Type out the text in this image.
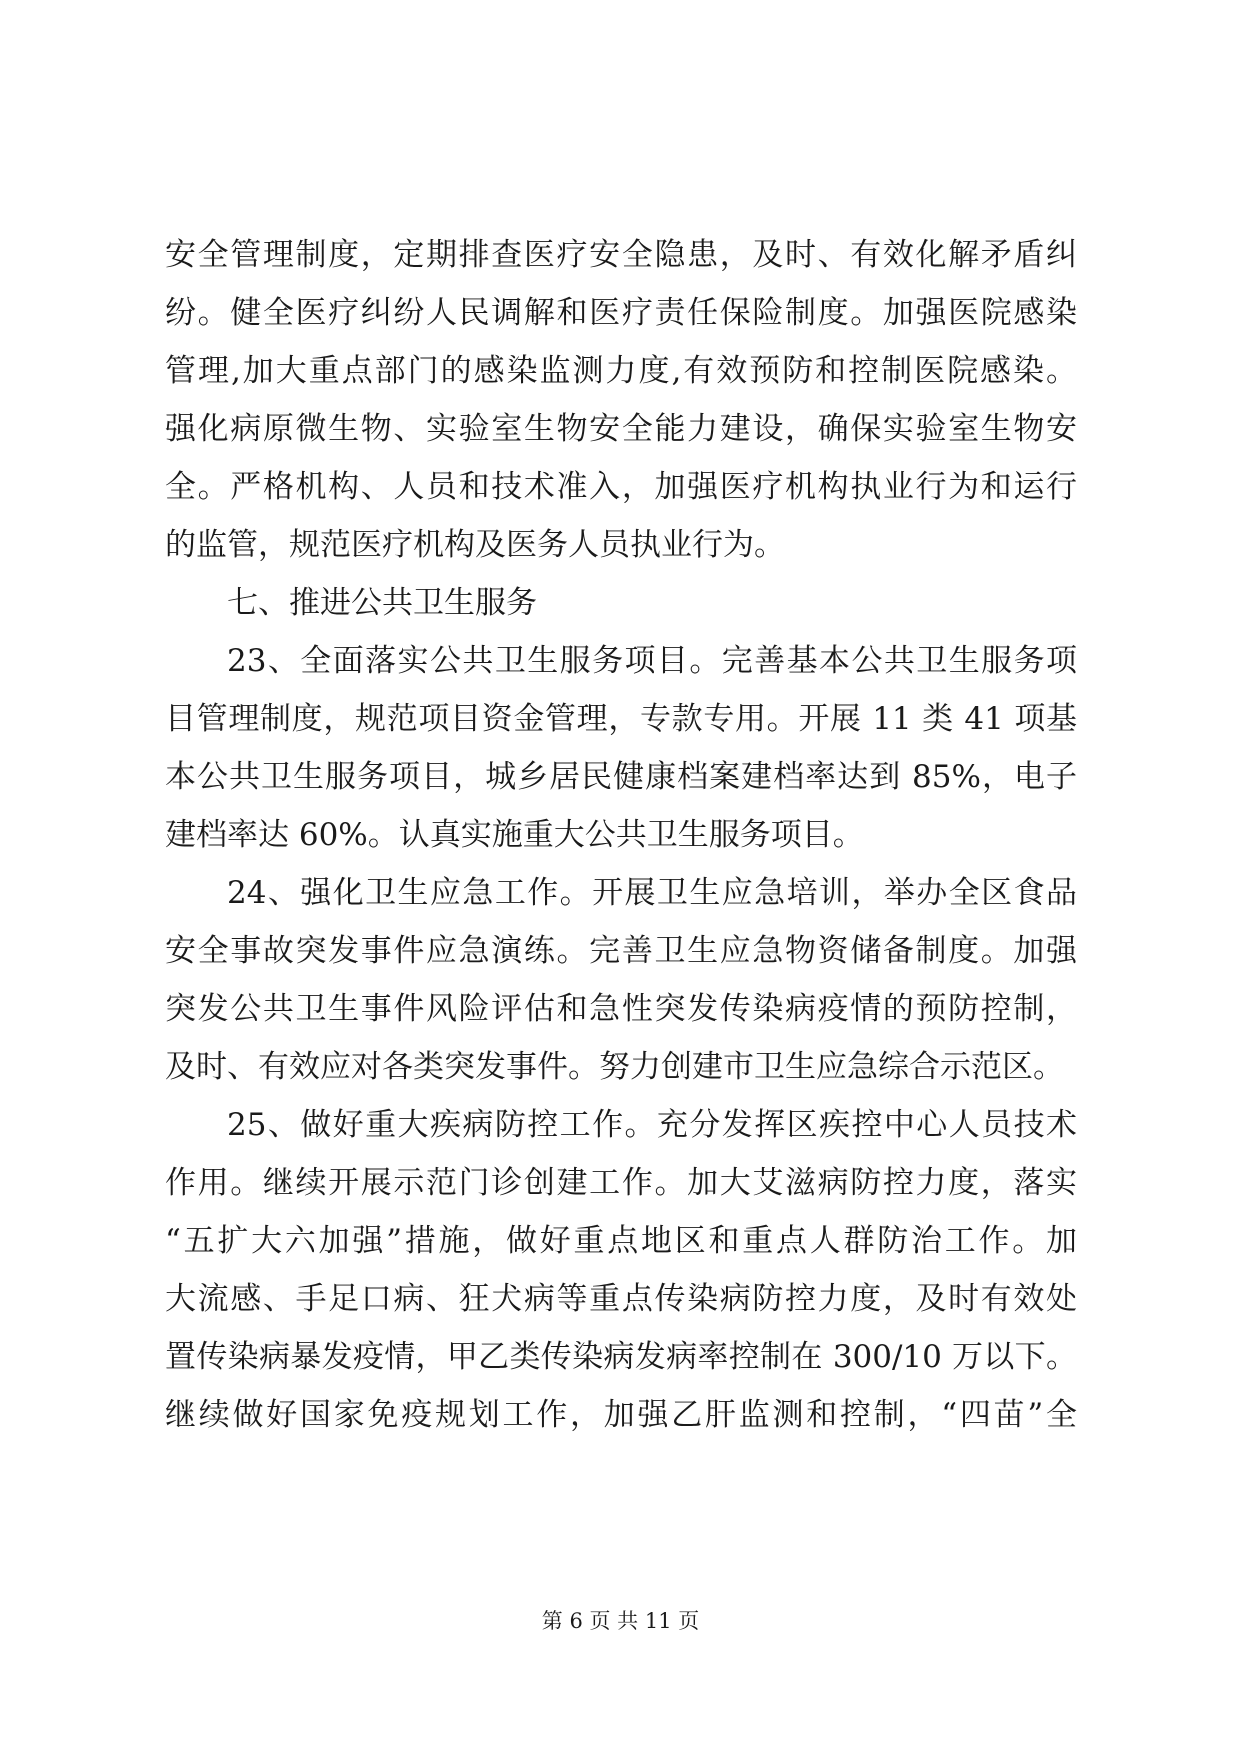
安全管理制度，定期排查医疗安全隐患，及时、有效化解矛盾纠
纷。健全医疗纠纷人民调解和医疗责任保险制度。加强医院感染
管理,加大重点部门的感染监测力度,有效预防和控制医院感染。
强化病原微生物、实验室生物安全能力建设，确保实验室生物安
全。严格机构、人员和技术准入，加强医疗机构执业行为和运行
的监管，规范医疗机构及医务人员执业行为。
七、推进公共卫生服务
23、全面落实公共卫生服务项目。完善基本公共卫生服务项
目管理制度，规范项目资金管理，专款专用。开展 11 类 41 项基
本公共卫生服务项目，城乡居民健康档案建档率达到 85%，电子
建档率达 60%。认真实施重大公共卫生服务项目。
24、强化卫生应急工作。开展卫生应急培训，举办全区食品
安全事故突发事件应急演练。完善卫生应急物资储备制度。加强
突发公共卫生事件风险评估和急性突发传染病疫情的预防控制，
及时、有效应对各类突发事件。努力创建市卫生应急综合示范区。
25、做好重大疾病防控工作。充分发挥区疾控中心人员技术
作用。继续开展示范门诊创建工作。加大艾滋病防控力度，落实
“五扩大六加强”措施，做好重点地区和重点人群防治工作。加
大流感、手足口病、狂犬病等重点传染病防控力度，及时有效处
置传染病暴发疫情，甲乙类传染病发病率控制在 300/10 万以下。
继续做好国家免疫规划工作，加强乙肝监测和控制，“四苗”全
第 6 页 共 11 页
